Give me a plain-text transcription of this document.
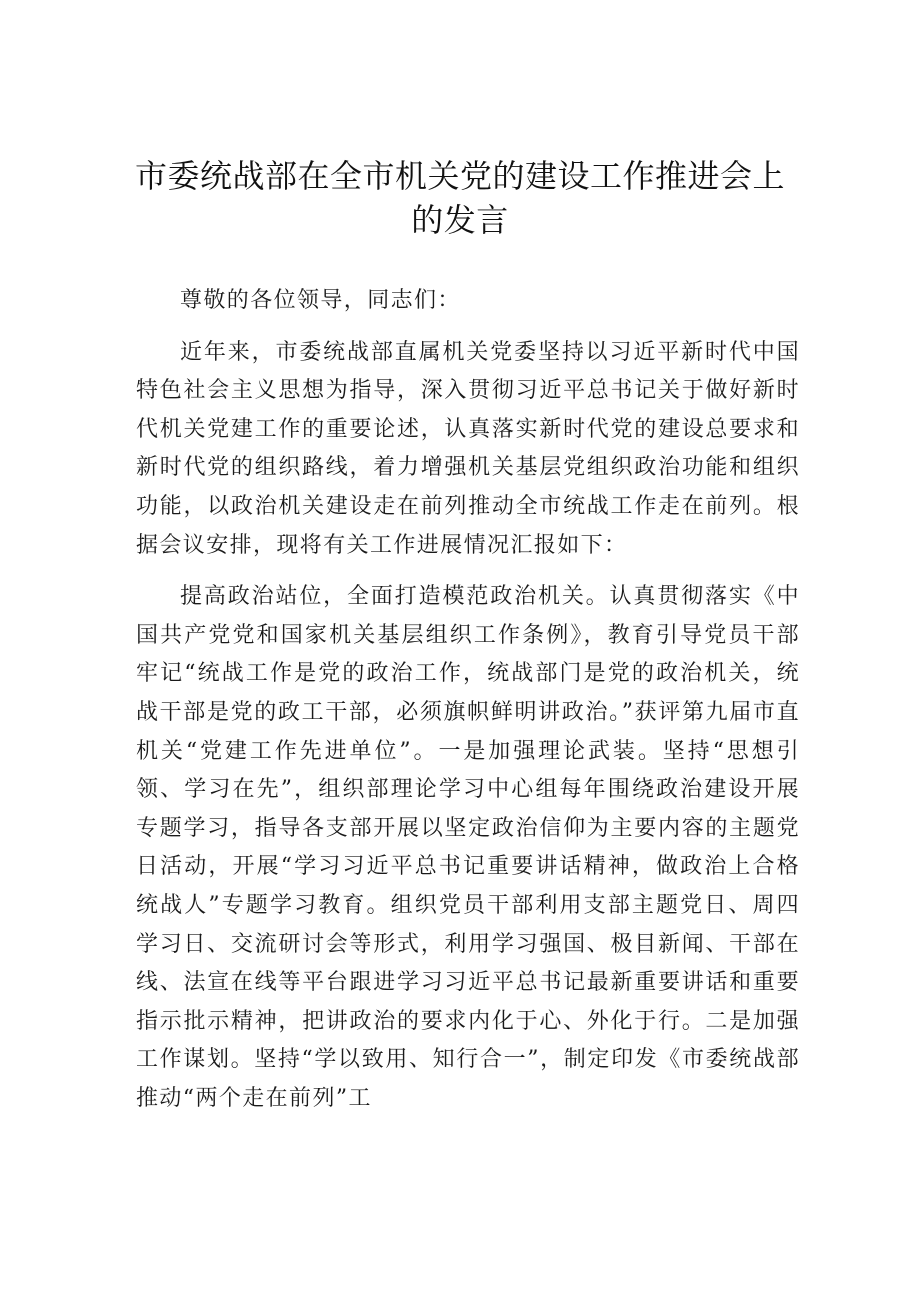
市委统战部在全市机关党的建设工作推进会上
的发言

尊敬的各位领导，同志们：

近年来，市委统战部直属机关党委坚持以习近平新时代中国特色社会主义思想为指导，深入贯彻习近平总书记关于做好新时代机关党建工作的重要论述，认真落实新时代党的建设总要求和新时代党的组织路线，着力增强机关基层党组织政治功能和组织功能，以政治机关建设走在前列推动全市统战工作走在前列。根据会议安排，现将有关工作进展情况汇报如下：

提高政治站位，全面打造模范政治机关。认真贯彻落实《中国共产党党和国家机关基层组织工作条例》，教育引导党员干部牢记“统战工作是党的政治工作，统战部门是党的政治机关，统战干部是党的政工干部，必须旗帜鲜明讲政治。”获评第九届市直机关“党建工作先进单位”。一是加强理论武装。坚持“思想引领、学习在先”，组织部理论学习中心组每年围绕政治建设开展专题学习，指导各支部开展以坚定政治信仰为主要内容的主题党日活动，开展“学习习近平总书记重要讲话精神，做政治上合格统战人”专题学习教育。组织党员干部利用支部主题党日、周四学习日、交流研讨会等形式，利用学习强国、极目新闻、干部在线、法宣在线等平台跟进学习习近平总书记最新重要讲话和重要指示批示精神，把讲政治的要求内化于心、外化于行。二是加强工作谋划。坚持“学以致用、知行合一”，制定印发《市委统战部推动“两个走在前列”工
